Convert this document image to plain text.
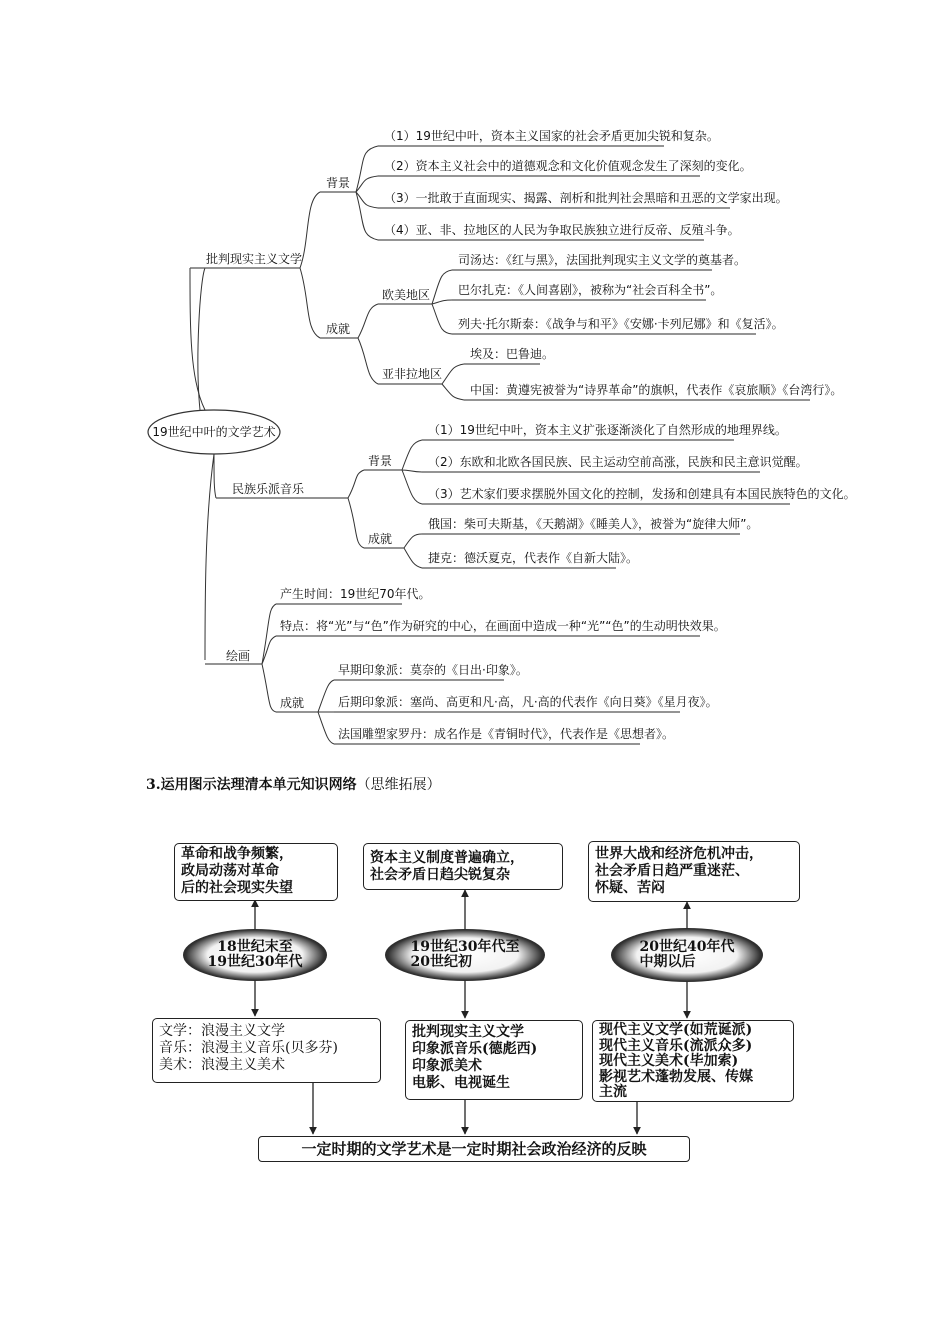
19世纪中叶的文学艺术
批判现实主义文学
背景
（1）19世纪中叶，资本主义国家的社会矛盾更加尖锐和复杂。
（2）资本主义社会中的道德观念和文化价值观念发生了深刻的变化。
（3）一批敢于直面现实、揭露、剖析和批判社会黑暗和丑恶的文学家出现。
（4）亚、非、拉地区的人民为争取民族独立进行反帝、反殖斗争。
成就
欧美地区
司汤达：《红与黑》，法国批判现实主义文学的奠基者。
巴尔扎克：《人间喜剧》，被称为“社会百科全书”。
列夫·托尔斯泰：《战争与和平》《安娜·卡列尼娜》和《复活》。
亚非拉地区
埃及：巴鲁迪。
中国：黄遵宪被誉为“诗界革命”的旗帜，代表作《哀旅顺》《台湾行》。
民族乐派音乐
背景
（1）19世纪中叶，资本主义扩张逐渐淡化了自然形成的地理界线。
（2）东欧和北欧各国民族、民主运动空前高涨，民族和民主意识觉醒。
（3）艺术家们要求摆脱外国文化的控制，发扬和创建具有本国民族特色的文化。
成就
俄国：柴可夫斯基，《天鹅湖》《睡美人》，被誉为“旋律大师”。
捷克：德沃夏克，代表作《自新大陆》。
绘画
产生时间：19世纪70年代。
特点：将“光”与“色”作为研究的中心，在画面中造成一种“光”“色”的生动明快效果。
成就
早期印象派：莫奈的《日出·印象》。
后期印象派：塞尚、高更和凡·高，凡·高的代表作《向日葵》《星月夜》。
法国雕塑家罗丹：成名作是《青铜时代》，代表作是《思想者》。
3.运用图示法理清本单元知识网络（思维拓展）
革命和战争频繁，
政局动荡对革命
后的社会现实失望
资本主义制度普遍确立，
社会矛盾日趋尖锐复杂
世界大战和经济危机冲击，
社会矛盾日趋严重迷茫、
怀疑、苦闷
18世纪末至
19世纪30年代
19世纪30年代至
20世纪初
20世纪40年代
中期以后
文学：浪漫主义文学
音乐：浪漫主义音乐(贝多芬)
美术：浪漫主义美术
批判现实主义文学
印象派音乐(德彪西)
印象派美术
电影、电视诞生
现代主义文学(如荒诞派)
现代主义音乐(流派众多)
现代主义美术(毕加索)
影视艺术蓬勃发展、传媒
主流
一定时期的文学艺术是一定时期社会政治经济的反映
